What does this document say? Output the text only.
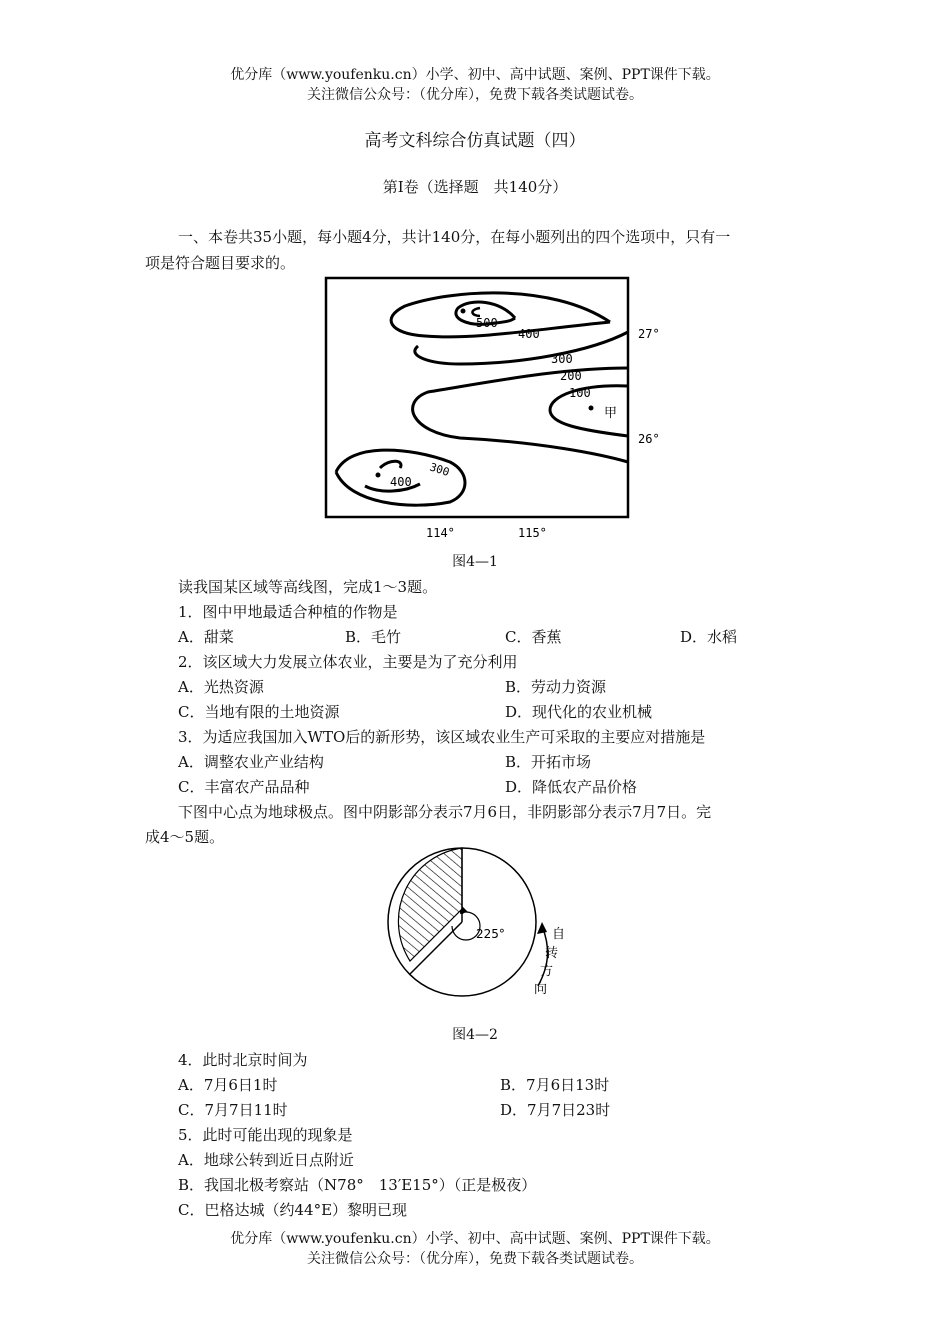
优分库（www.youfenku.cn）小学、初中、高中试题、案例、PPT课件下载。
关注微信公众号：（优分库），免费下载各类试题试卷。
高考文科综合仿真试题（四）
第Ⅰ卷（选择题　共140分）
一、本卷共35小题，每小题4分，共计140分，在每小题列出的四个选项中，只有一
项是符合题目要求的。
500
400
300
200
100
300
400
甲
27°
26°
114°	115°
图4—1
读我国某区域等高线图，完成1～3题。
1．图中甲地最适合种植的作物是
A．甜菜	B．毛竹	C．香蕉	D．水稻
2．该区域大力发展立体农业，主要是为了充分利用
A．光热资源	B．劳动力资源
C．当地有限的土地资源	D．现代化的农业机械
3．为适应我国加入WTO后的新形势，该区域农业生产可采取的主要应对措施是
A．调整农业产业结构	B．开拓市场
C．丰富农产品品种	D．降低农产品价格
下图中心点为地球极点。图中阴影部分表示7月6日，非阴影部分表示7月7日。完
成4～5题。
225°	自
转
方
向
图4—2
4．此时北京时间为
A．7月6日1时	B．7月6日13时
C．7月7日11时	D．7月7日23时
5．此时可能出现的现象是
A．地球公转到近日点附近
B．我国北极考察站（N78°　13′E15°）（正是极夜）
C．巴格达城（约44°E）黎明已现
优分库（www.youfenku.cn）小学、初中、高中试题、案例、PPT课件下载。
关注微信公众号：（优分库），免费下载各类试题试卷。
